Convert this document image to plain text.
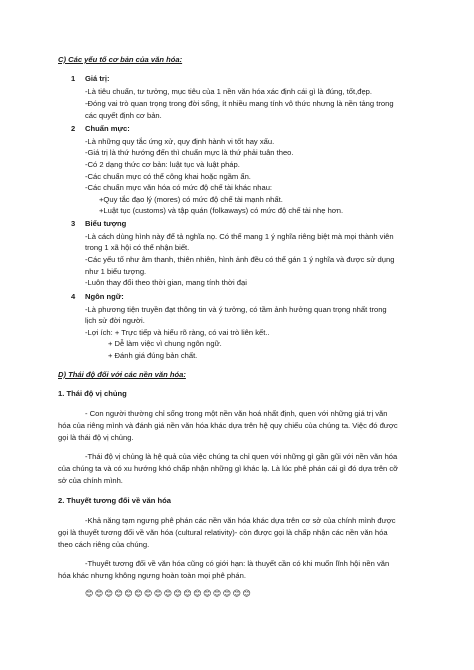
C) Các yếu tố cơ bản của văn hóa:
1 Giá trị:
-Là tiêu chuẩn, tư tưởng, mục tiêu của 1 nền văn hóa xác định cái gì là đúng, tốt,đẹp.
-Đóng vai trò quan trọng trong đời sống, ít nhiều mang tính vô thức nhưng là nền tảng trong
các quyết định cơ bản.
2 Chuẩn mực:
-Là những quy tắc ứng xử, quy định hành vi tốt hay xấu.
-Giá trị là thứ hướng đến thì chuẩn mực là thứ phải tuân theo.
-Có 2 dạng thức cơ bản: luật tục và luật pháp.
-Các chuẩn mực có thể công khai hoặc ngầm ẩn.
-Các chuẩn mực văn hóa có mức độ chế tài khác nhau:
+Quy tắc đạo lý (mores) có mức độ chế tài mạnh nhất.
+Luật tục (customs) và tập quán (folkaways) có mức độ chế tài nhẹ hơn.
3 Biểu tượng
-Là cách dùng hình này để tả nghĩa nọ. Có thể mang 1 ý nghĩa riêng biệt mà mọi thành viên
trong 1 xã hội có thể nhận biết.
-Các yếu tố như âm thanh, thiên nhiên, hình ảnh đều có thể gán 1 ý nghĩa và được sử dụng
như 1 biểu tượng.
-Luôn thay đổi theo thời gian, mang tính thời đại
4 Ngôn ngữ:
-Là phương tiện truyền đạt thông tin và ý tưởng, có tầm ảnh hưởng quan trọng nhất trong
lịch sử đời người.
-Lợi ích: + Trực tiếp và hiểu rõ ràng, có vai trò liên kết..
+ Dễ làm việc vì chung ngôn ngữ.
+ Đánh giá đúng bản chất.
D) Thái độ đối với các nền văn hóa:
1. Thái độ vị chủng
- Con người thường chỉ sống trong một nền văn hoá nhất định, quen với những giá trị văn
hóa của riêng mình và đánh giá nền văn hóa khác dựa trên hệ quy chiếu của chúng ta. Việc đó được
gọi là thái độ vị chủng.
-Thái độ vị chủng là hệ quả của việc chúng ta chỉ quen với những gì gần gũi với nền văn hóa
của chúng ta và có xu hướng khó chấp nhận những gì khác lạ. Là lúc phê phán cái gì đó dựa trên cỡ
sở của chính mình.
2. Thuyết tương đối về văn hóa
-Khả năng tạm ngưng phê phán các nền văn hóa khác dựa trên cơ sở của chính mình được
gọi là thuyết tương đối về văn hóa (cultural relativity)- còn được gọi là chấp nhận các nền văn hóa
theo cách riêng của chúng.
-Thuyết tương đối về văn hóa cũng có giới hạn: là thuyết cần có khi muốn lĩnh hội nền văn
hóa khác nhưng không ngưng hoàn toàn mọi phê phán.
😊😊😊😊😊😊😊😊😊😊😊😊😊😊😊😊😊
